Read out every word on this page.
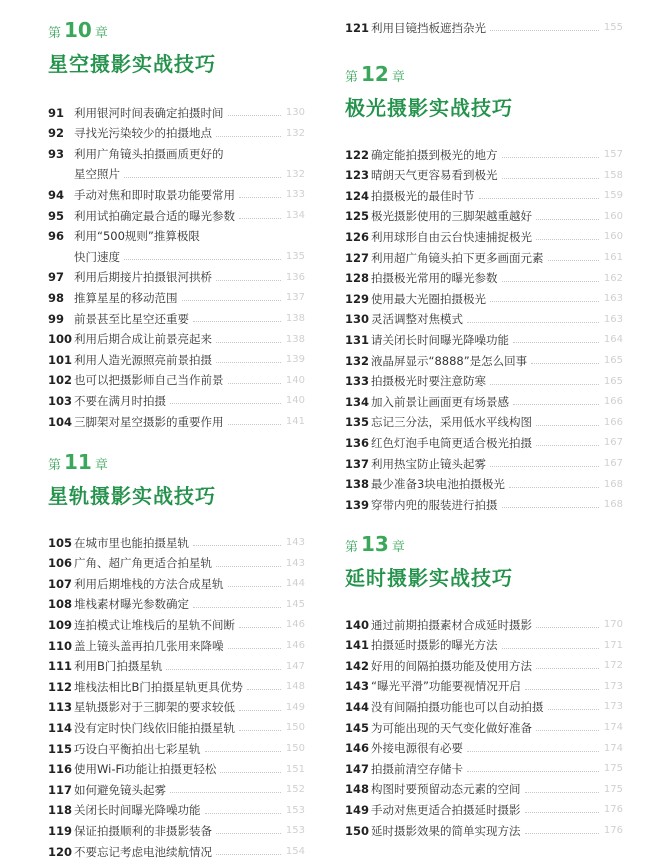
第 10 章
星空摄影实战技巧
91 利用银河时间表确定拍摄时间	130
92 寻找光污染较少的拍摄地点	132
93 利用广角镜头拍摄画质更好的
星空照片	132
94 手动对焦和即时取景功能要常用	133
95 利用试拍确定最合适的曝光参数	134
96 利用“500规则”推算极限
快门速度	135
97 利用后期接片拍摄银河拱桥	136
98 推算星星的移动范围	137
99 前景甚至比星空还重要	138
100 利用后期合成让前景亮起来	138
101 利用人造光源照亮前景拍摄	139
102 也可以把摄影师自己当作前景	140
103 不要在满月时拍摄	140
104 三脚架对星空摄影的重要作用	141
第 11 章
星轨摄影实战技巧
105 在城市里也能拍摄星轨	143
106 广角、超广角更适合拍星轨	143
107 利用后期堆栈的方法合成星轨	144
108 堆栈素材曝光参数确定	145
109 连拍模式让堆栈后的星轨不间断	146
110 盖上镜头盖再拍几张用来降噪	146
111 利用B门拍摄星轨	147
112 堆栈法相比B门拍摄星轨更具优势	148
113 星轨摄影对于三脚架的要求较低	149
114 没有定时快门线依旧能拍摄星轨	150
115 巧设白平衡拍出七彩星轨	150
116 使用Wi-Fi功能让拍摄更轻松	151
117 如何避免镜头起雾	152
118 关闭长时间曝光降噪功能	153
119 保证拍摄顺利的非摄影装备	153
120 不要忘记考虑电池续航情况	154
121 利用目镜挡板遮挡杂光	155
第 12 章
极光摄影实战技巧
122 确定能拍摄到极光的地方	157
123 晴朗天气更容易看到极光	158
124 拍摄极光的最佳时节	159
125 极光摄影使用的三脚架越重越好	160
126 利用球形自由云台快速捕捉极光	160
127 利用超广角镜头拍下更多画面元素	161
128 拍摄极光常用的曝光参数	162
129 使用最大光圈拍摄极光	163
130 灵活调整对焦模式	163
131 请关闭长时间曝光降噪功能	164
132 液晶屏显示“8888”是怎么回事	165
133 拍摄极光时要注意防寒	165
134 加入前景让画面更有场景感	166
135 忘记三分法，采用低水平线构图	166
136 红色灯泡手电筒更适合极光拍摄	167
137 利用热宝防止镜头起雾	167
138 最少准备3块电池拍摄极光	168
139 穿带内兜的服装进行拍摄	168
第 13 章
延时摄影实战技巧
140 通过前期拍摄素材合成延时摄影	170
141 拍摄延时摄影的曝光方法	171
142 好用的间隔拍摄功能及使用方法	172
143 “曝光平滑”功能要视情况开启	173
144 没有间隔拍摄功能也可以自动拍摄	173
145 为可能出现的天气变化做好准备	174
146 外接电源很有必要	174
147 拍摄前清空存储卡	175
148 构图时要预留动态元素的空间	175
149 手动对焦更适合拍摄延时摄影	176
150 延时摄影效果的简单实现方法	176
